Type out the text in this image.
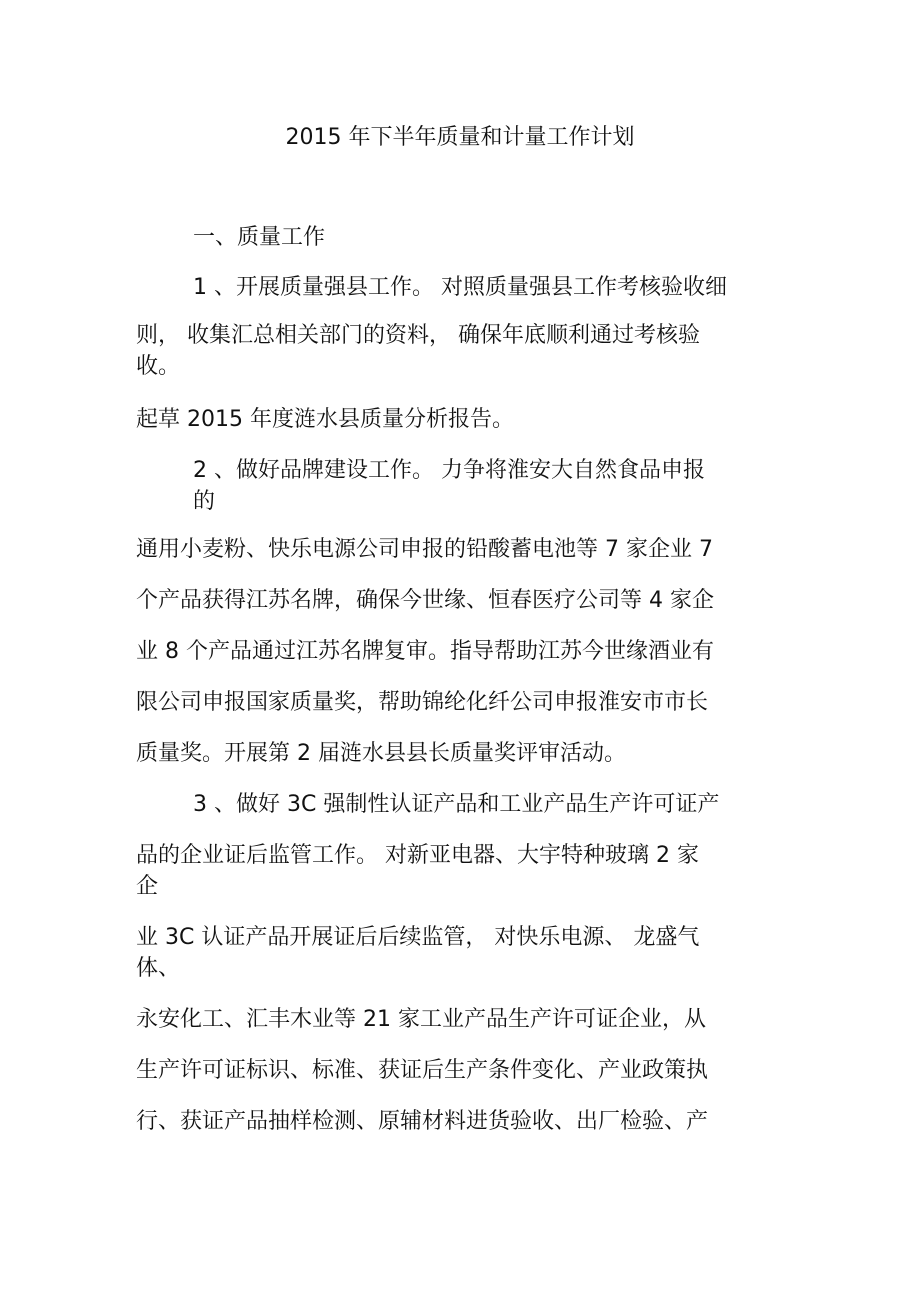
2015 年下半年质量和计量工作计划
一、质量工作
1 、开展质量强县工作。 对照质量强县工作考核验收细
则， 收集汇总相关部门的资料， 确保年底顺利通过考核验
收。
起草 2015 年度涟水县质量分析报告。
2 、做好品牌建设工作。 力争将淮安大自然食品申报
的
通用小麦粉、快乐电源公司申报的铅酸蓄电池等 7 家企业 7
个产品获得江苏名牌，确保今世缘、恒春医疗公司等 4 家企
业 8 个产品通过江苏名牌复审。指导帮助江苏今世缘酒业有
限公司申报国家质量奖，帮助锦纶化纤公司申报淮安市市长
质量奖。开展第 2 届涟水县县长质量奖评审活动。
3 、做好 3C 强制性认证产品和工业产品生产许可证产
品的企业证后监管工作。 对新亚电器、大宇特种玻璃 2 家
企
业 3C 认证产品开展证后后续监管， 对快乐电源、 龙盛气
体、
永安化工、汇丰木业等 21 家工业产品生产许可证企业，从
生产许可证标识、标准、获证后生产条件变化、产业政策执
行、获证产品抽样检测、原辅材料进货验收、出厂检验、产
